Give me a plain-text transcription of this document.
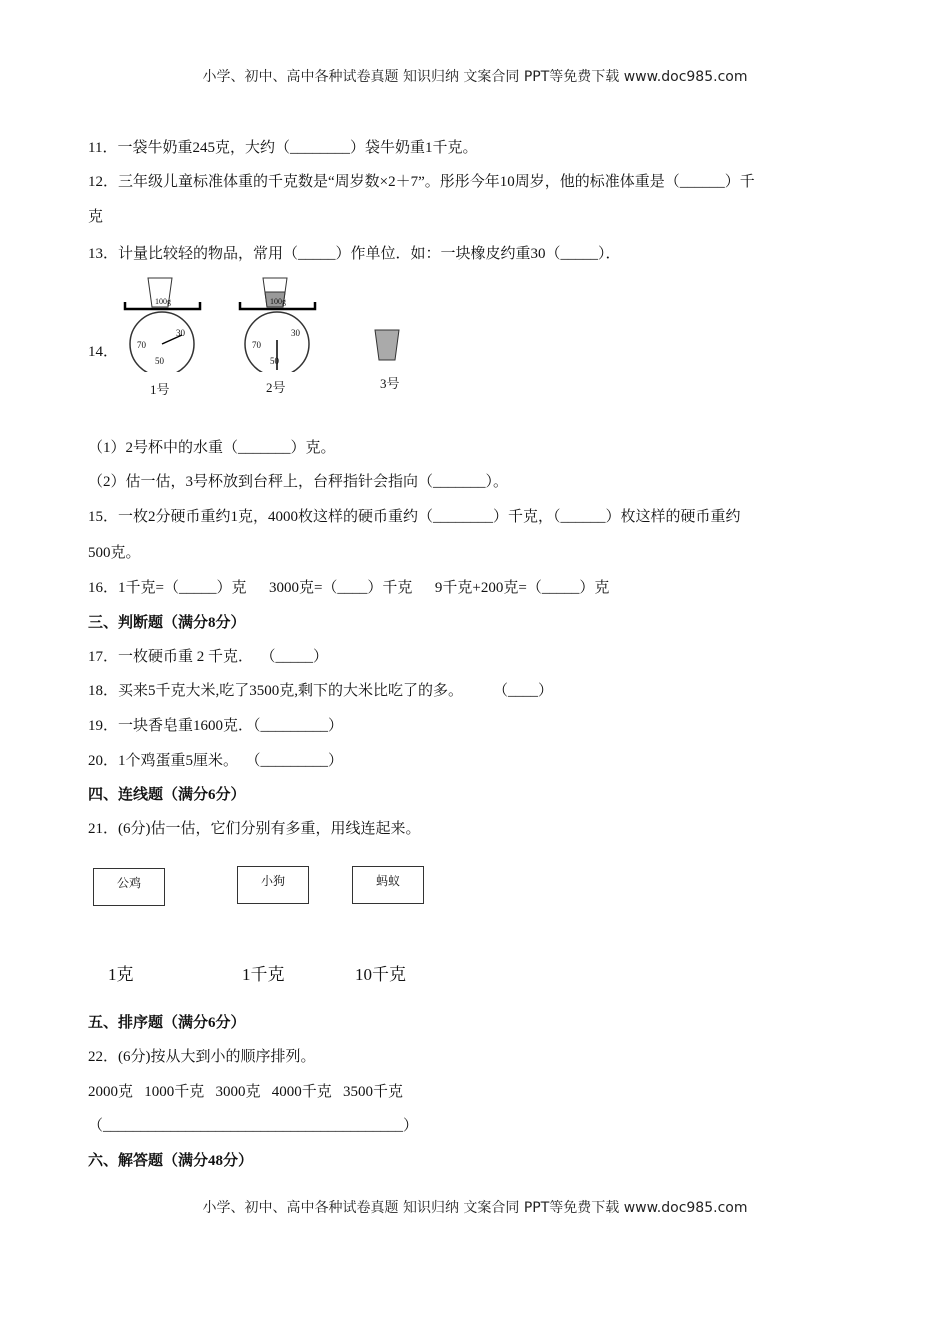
小学、初中、高中各种试卷真题 知识归纳 文案合同 PPT等免费下载 www.doc985.com
11．一袋牛奶重245克，大约（________）袋牛奶重1千克。
12．三年级儿童标准体重的千克数是“周岁数×2＋7”。彤彤今年10周岁，他的标准体重是（______）千
克
13．计量比较轻的物品，常用（_____）作单位．如：一块橡皮约重30（_____）．
14．
100g	100g
30	30
70	70
50	50
1号	2号	3号
（1）2号杯中的水重（_______）克。
（2）估一估，3号杯放到台秤上，台秤指针会指向（_______）。
15．一枚2分硬币重约1克，4000枚这样的硬币重约（________）千克，（______）枚这样的硬币重约
500克。
16．1千克=（_____）克      3000克=（____）千克      9千克+200克=（_____）克
三、判断题（满分8分）
17．一枚硬币重 2 千克．  （_____）
18．买来5千克大米,吃了3500克,剩下的大米比吃了的多。        （____）
19．一块香皂重1600克．（_________）
20．1个鸡蛋重5厘米。  （_________）
四、连线题（满分6分）
21．(6分)估一估，它们分别有多重，用线连起来。
公鸡	小狗	蚂蚁
1克	1千克	10千克
五、排序题（满分6分）
22．(6分)按从大到小的顺序排列。
2000克   1000千克   3000克   4000千克   3500千克
（________________________________________）
六、解答题（满分48分）
小学、初中、高中各种试卷真题 知识归纳 文案合同 PPT等免费下载 www.doc985.com
